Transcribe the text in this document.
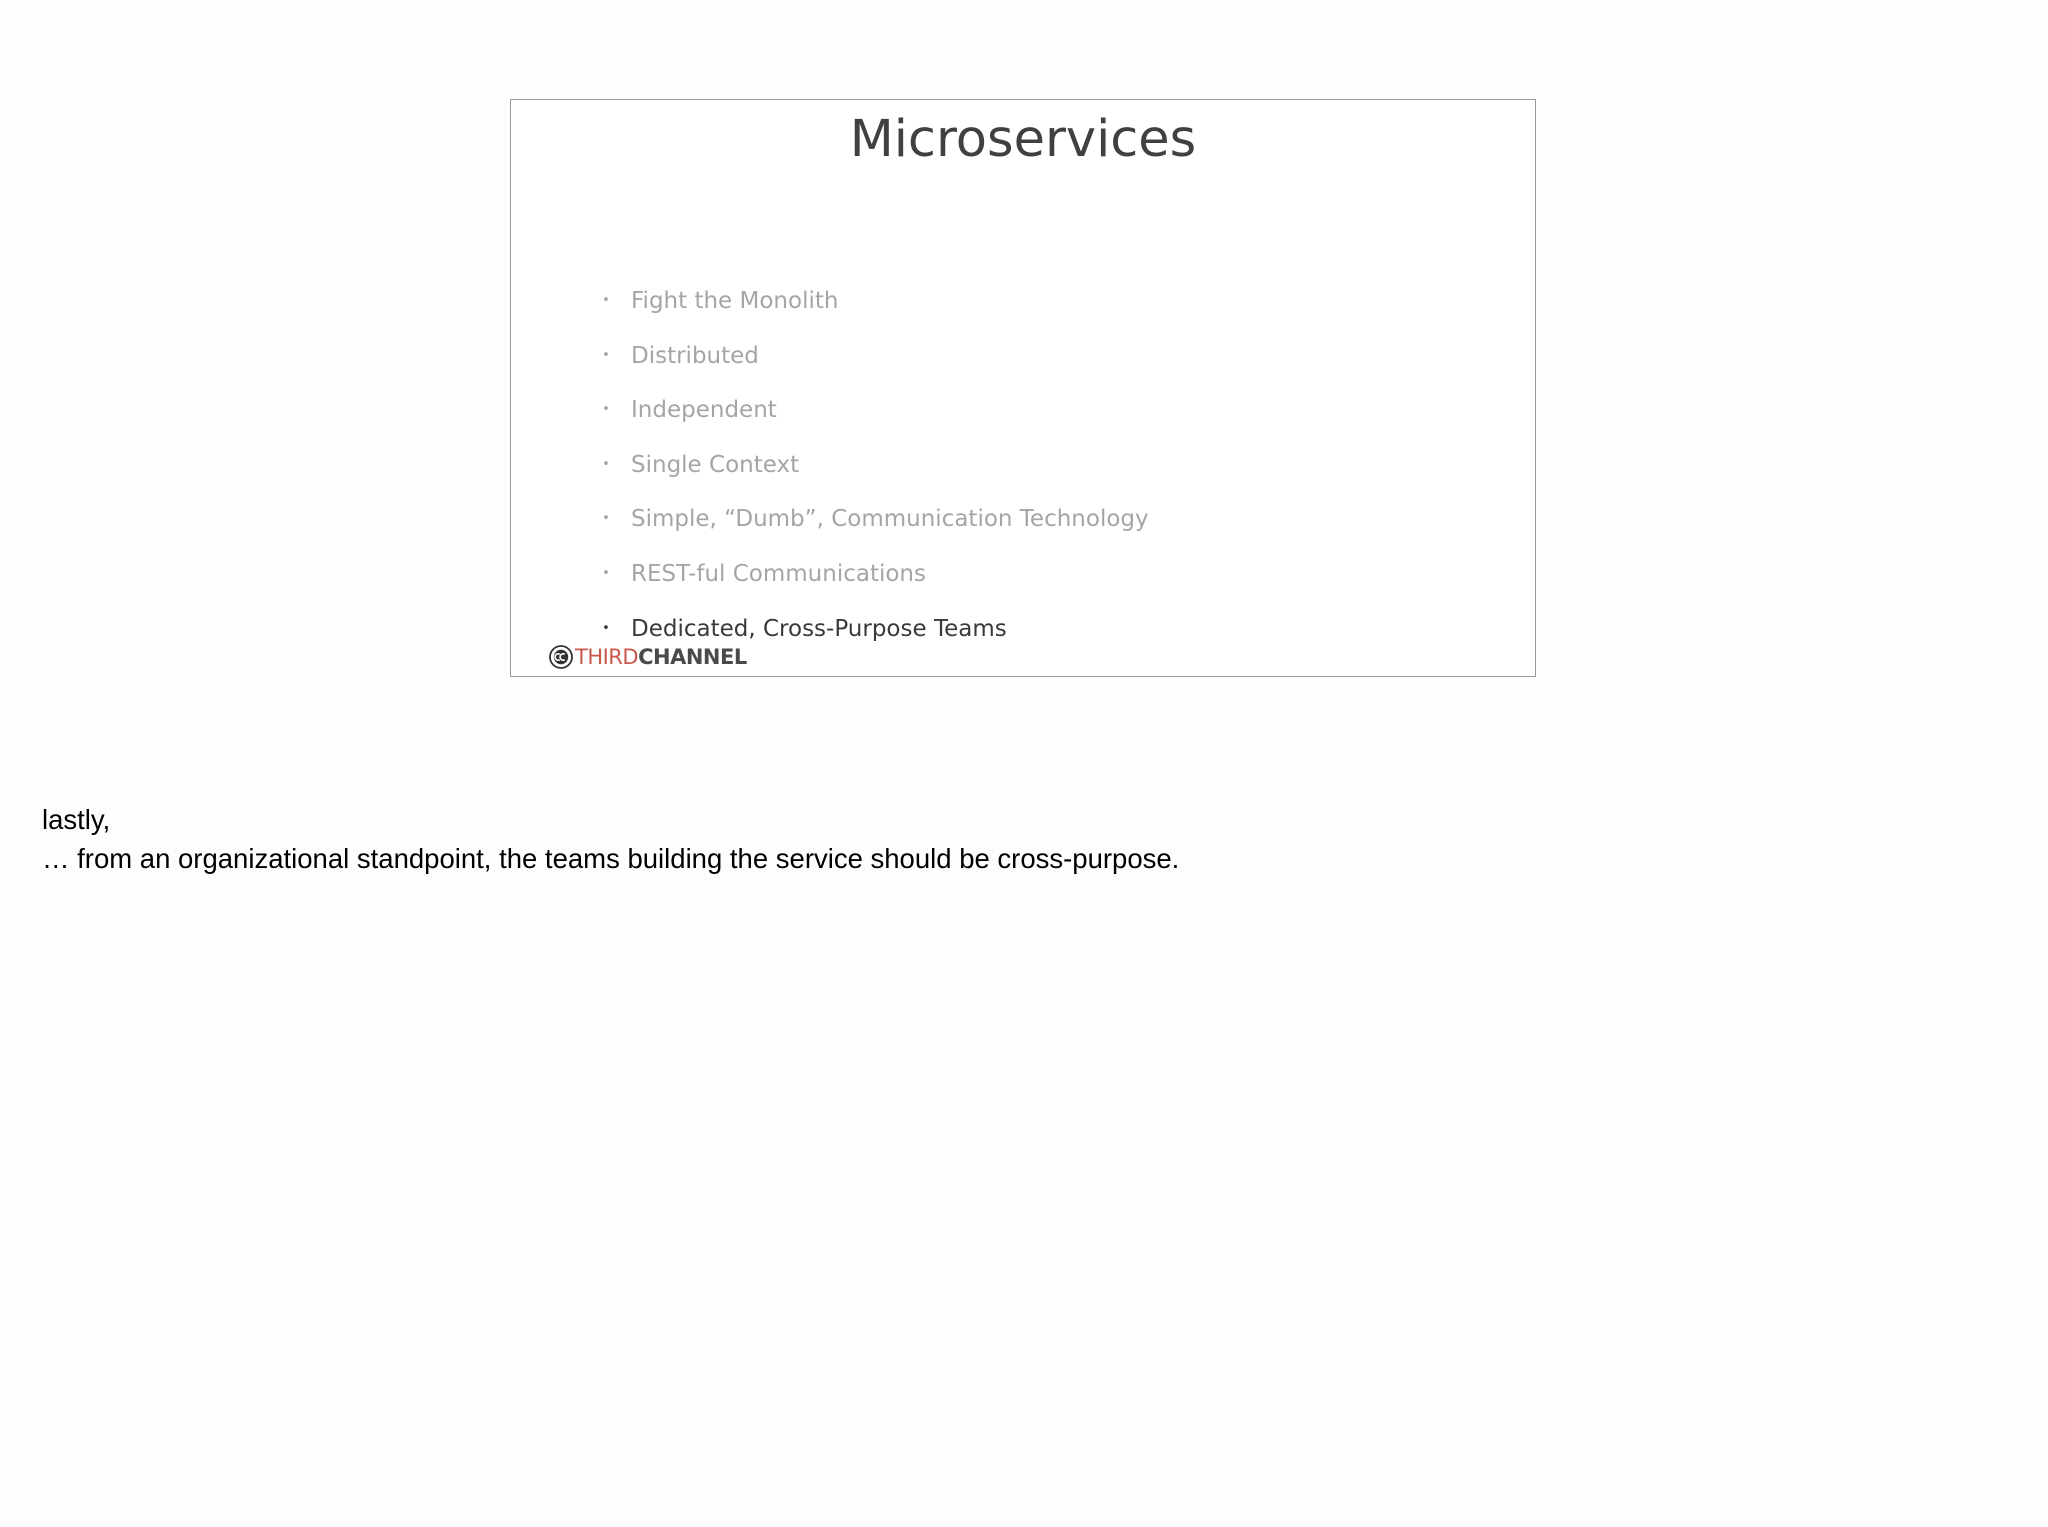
Microservices
• Fight the Monolith
• Distributed
• Independent
• Single Context
• Simple, “Dumb”, Communication Technology
• REST-ful Communications
• Dedicated, Cross-Purpose Teams
THIRD CHANNEL
lastly,
… from an organizational standpoint, the teams building the service should be cross-purpose.
